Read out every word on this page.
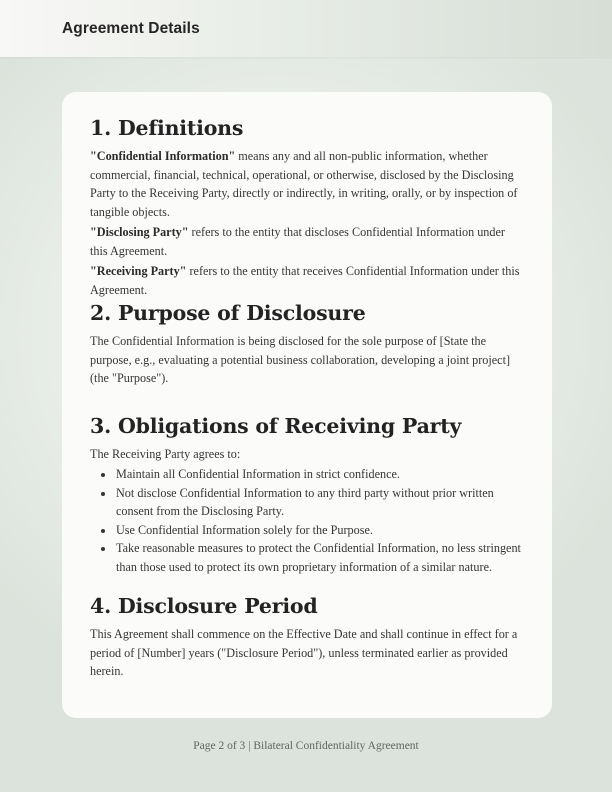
Agreement Details
1. Definitions

"Confidential Information" means any and all non-public information, whether commercial, financial, technical, operational, or otherwise, disclosed by the Disclosing Party to the Receiving Party, directly or indirectly, in writing, orally, or by inspection of tangible objects.

"Disclosing Party" refers to the entity that discloses Confidential Information under this Agreement.

"Receiving Party" refers to the entity that receives Confidential Information under this Agreement.

2. Purpose of Disclosure

The Confidential Information is being disclosed for the sole purpose of [State the purpose, e.g., evaluating a potential business collaboration, developing a joint project] (the "Purpose").

3. Obligations of Receiving Party

The Receiving Party agrees to:

• Maintain all Confidential Information in strict confidence.
• Not disclose Confidential Information to any third party without prior written consent from the Disclosing Party.
• Use Confidential Information solely for the Purpose.
• Take reasonable measures to protect the Confidential Information, no less stringent than those used to protect its own proprietary information of a similar nature.
4. Disclosure Period

This Agreement shall commence on the Effective Date and shall continue in effect for a period of [Number] years ("Disclosure Period"), unless terminated earlier as provided herein.

Page 2 of 3 | Bilateral Confidentiality Agreement
